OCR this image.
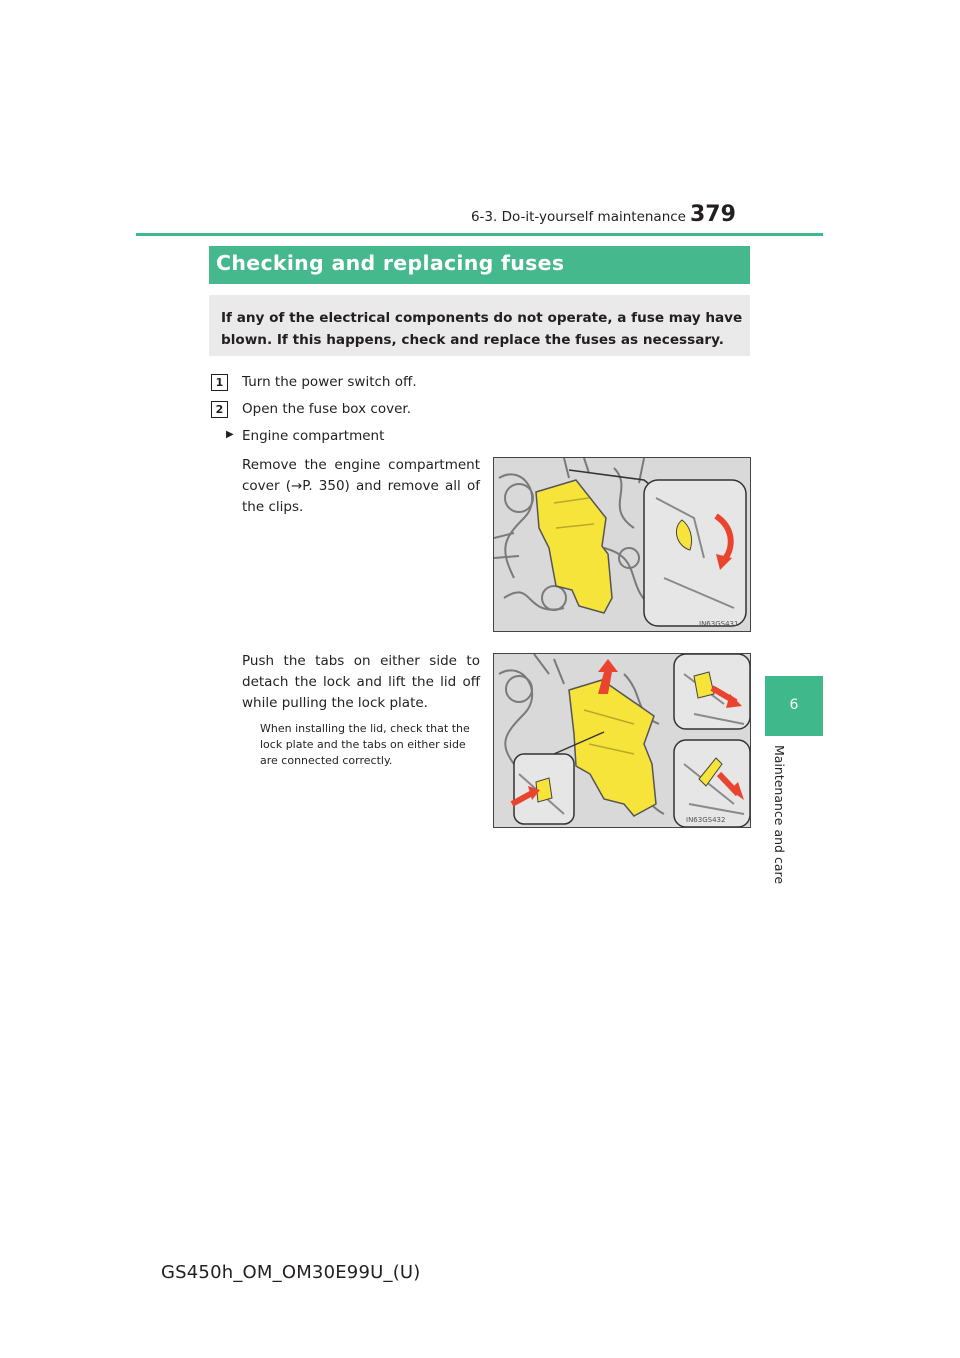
6-3. Do-it-yourself maintenance 379
6
Maintenance and care
Checking and replacing fuses

If any of the electrical components do not operate, a fuse may have blown. If this happens, check and replace the fuses as necessary.

1	Turn the power switch off.
2	Open the fuse box cover.
▶ Engine compartment
Remove the engine compartment cover (→P. 350) and remove all of the clips.
Push the tabs on either side to detach the lock and lift the lid off while pulling the lock plate.
When installing the lid, check that the lock plate and the tabs on either side are connected correctly.
IN63GS431
IN63GS432
GS450h_OM_OM30E99U_(U)
